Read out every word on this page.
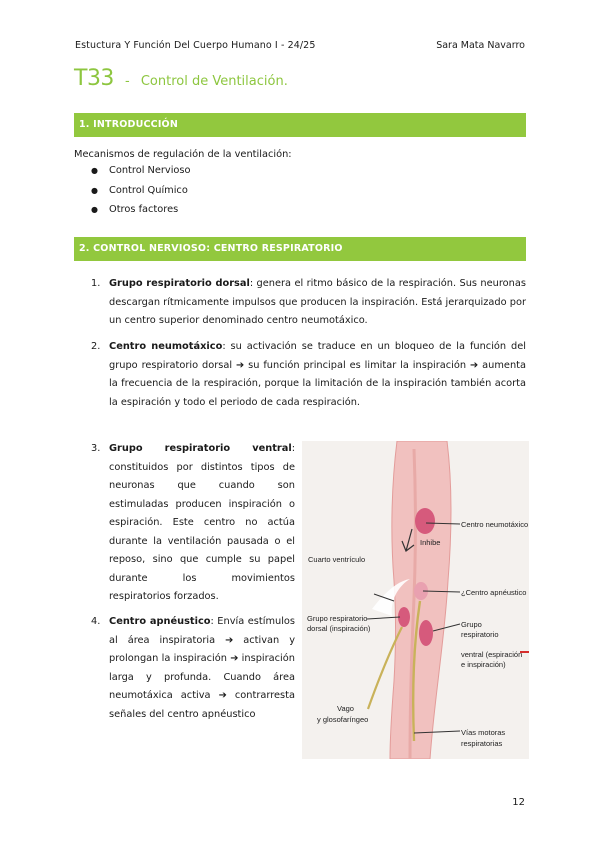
Estuctura Y Función Del Cuerpo Humano I - 24/25	Sara Mata Navarro
T33 - Control de Ventilación.
1. INTRODUCCIÓN
Mecanismos de regulación de la ventilación:
● Control Nervioso
● Control Químico
● Otros factores
2. CONTROL NERVIOSO: CENTRO RESPIRATORIO
1. Grupo respiratorio dorsal: genera el ritmo básico de la respiración. Sus neuronas descargan rítmicamente impulsos que producen la inspiración. Está jerarquizado por un centro superior denominado centro neumotáxico.
2. Centro neumotáxico: su activación se traduce en un bloqueo de la función del grupo respiratorio dorsal ➔ su función principal es limitar la inspiración ➔ aumenta la frecuencia de la respiración, porque la limitación de la inspiración también acorta la espiración y todo el periodo de cada respiración.
3. Grupo respiratorio ventral: constituidos por distintos tipos de neuronas que cuando son estimuladas producen inspiración o espiración. Este centro no actúa durante la ventilación pausada o el reposo, sino que cumple su papel durante los movimientos respiratorios forzados.
4. Centro apnéustico: Envía estímulos al área inspiratoria ➔ activan y prolongan la inspiración ➔ inspiración larga y profunda. Cuando área neumotáxica activa ➔ contrarresta señales del centro apnéustico
Centro neumotáxico
Inhibe
Cuarto ventrículo
¿Centro apnéustico
Grupo respiratorio
dorsal (inspiración)	Grupo
respiratorio
ventral (espiración
e inspiración)
Vago
y glosofaríngeo
Vías motoras
respiratorias
12
